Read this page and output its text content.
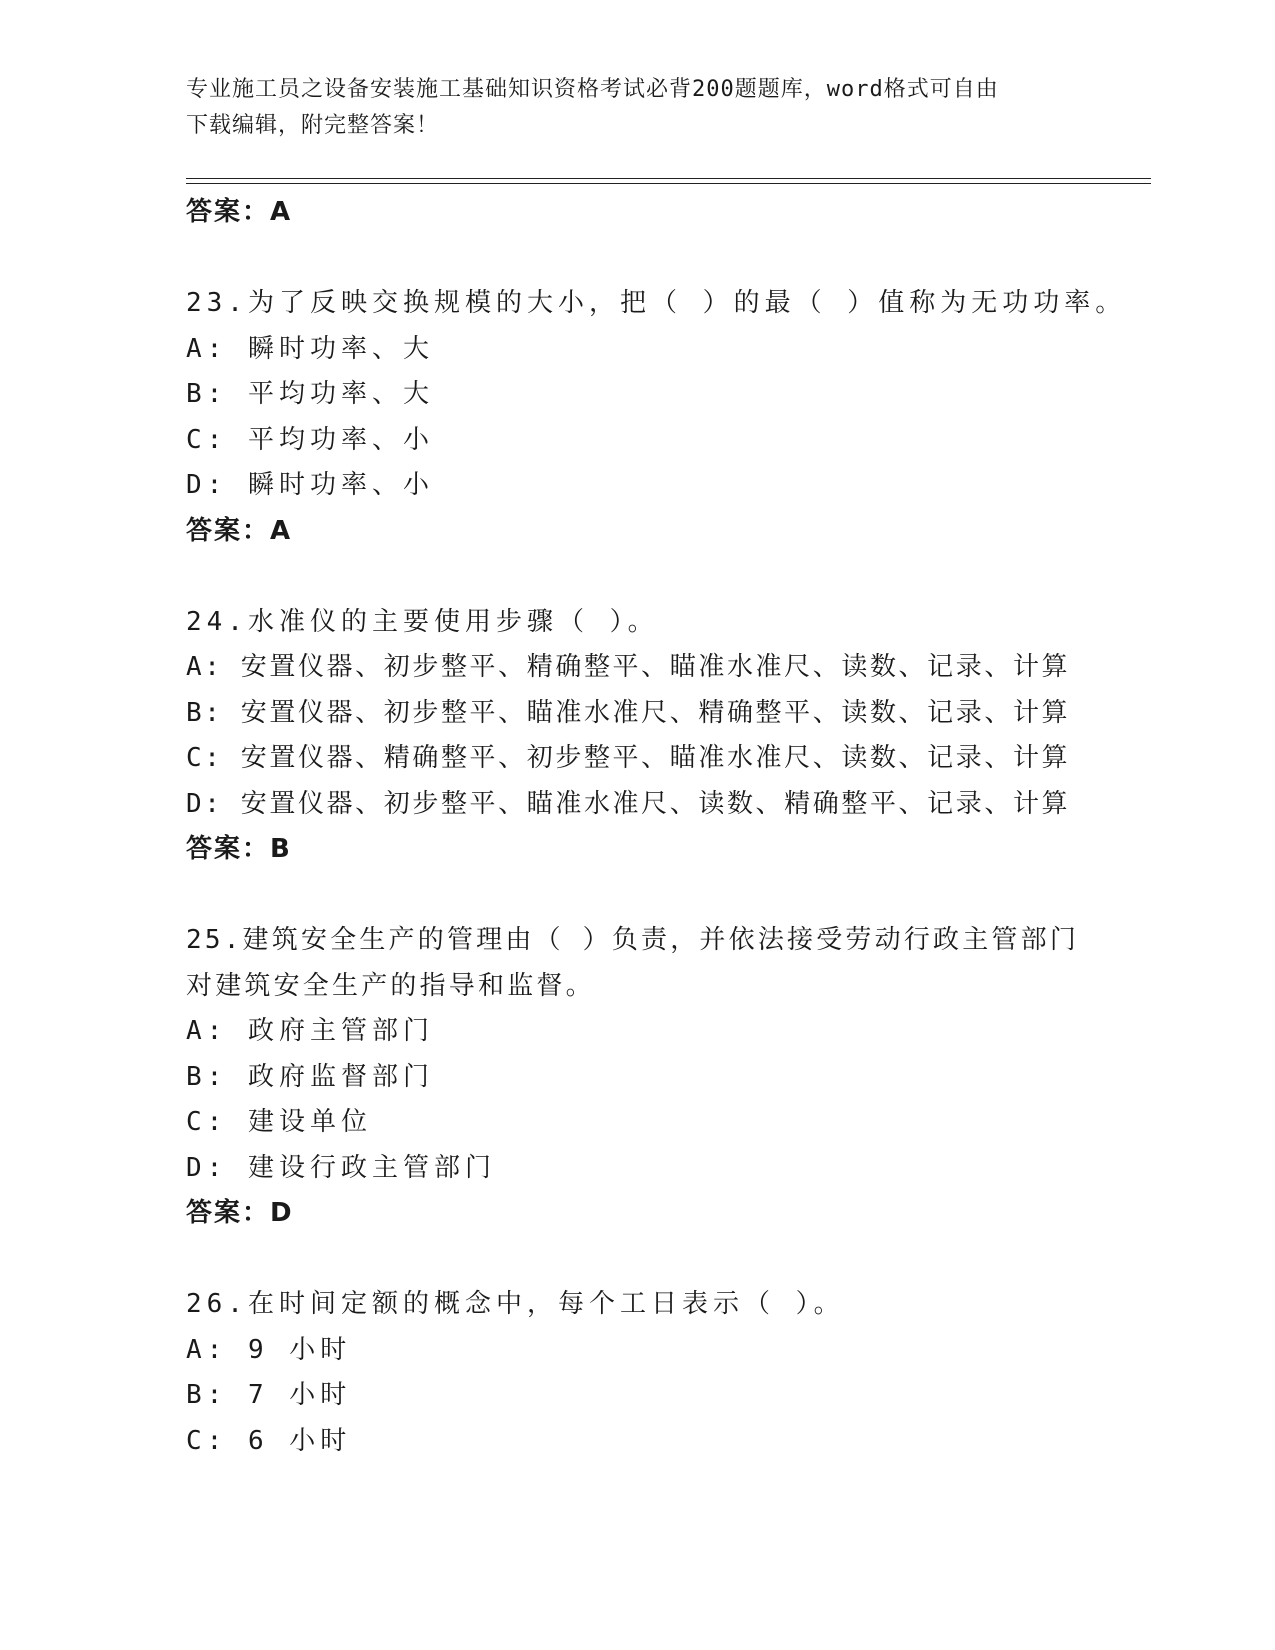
专业施工员之设备安装施工基础知识资格考试必背200题题库，word格式可自由
下载编辑，附完整答案！
答案：A
23.为了反映交换规模的大小，把（ ）的最（ ）值称为无功功率。
A: 瞬时功率、大
B: 平均功率、大
C: 平均功率、小
D: 瞬时功率、小
答案：A
24.水准仪的主要使用步骤（ ）。
A: 安置仪器、初步整平、精确整平、瞄准水准尺、读数、记录、计算
B: 安置仪器、初步整平、瞄准水准尺、精确整平、读数、记录、计算
C: 安置仪器、精确整平、初步整平、瞄准水准尺、读数、记录、计算
D: 安置仪器、初步整平、瞄准水准尺、读数、精确整平、记录、计算
答案：B
25.建筑安全生产的管理由（ ）负责，并依法接受劳动行政主管部门
对建筑安全生产的指导和监督。
A: 政府主管部门
B: 政府监督部门
C: 建设单位
D: 建设行政主管部门
答案：D
26.在时间定额的概念中，每个工日表示（ ）。
A: 9 小时
B: 7 小时
C: 6 小时
